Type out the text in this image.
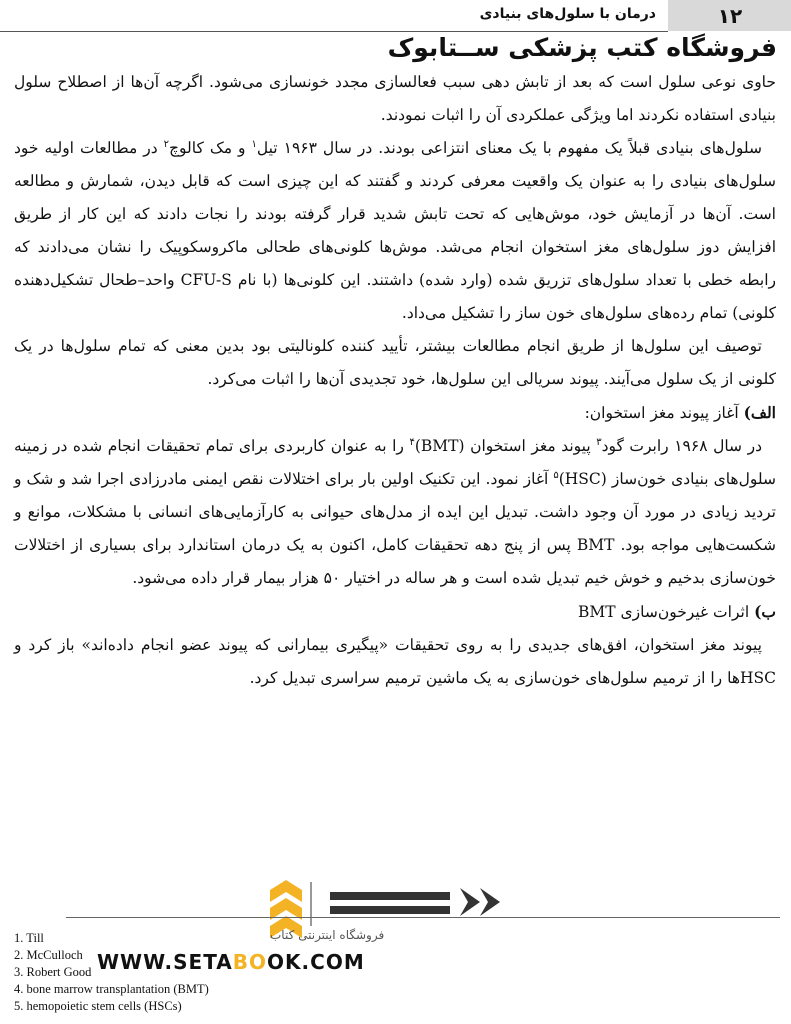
۱۲
درمان با سلول‌های بنیادی
فروشگاه کتب پزشکی ســتابوک

حاوی نوعی سلول است که بعد از تابش دهی سبب فعالسازی مجدد خونسازی می‌شود. اگرچه آن‌ها از اصطلاح سلول بنیادی استفاده نکردند اما ویژگی عملکردی آن را اثبات نمودند.

سلول‌های بنیادی قبلاً یک مفهوم با یک معنای انتزاعی بودند. در سال ۱۹۶۳ تیل$^۱$ و مک کالوچ$^۲$ در مطالعات اولیه خود سلول‌های بنیادی را به عنوان یک واقعیت معرفی کردند و گفتند که این چیزی است که قابل دیدن، شمارش و مطالعه است. آن‌ها در آزمایش خود، موش‌هایی که تحت تابش شدید قرار گرفته بودند را نجات دادند که این کار از طریق افزایش دوز سلول‌های مغز استخوان انجام می‌شد. موش‌ها کلونی‌های طحالی ماکروسکوپیک را نشان می‌دادند که رابطه خطی با تعداد سلول‌های تزریق شده (وارد شده) داشتند. این کلونی‌ها (با نام CFU-S واحد–طحال تشکیل‌دهنده کلونی) تمام رده‌های سلول‌های خون ساز را تشکیل می‌داد.

توصیف این سلول‌ها از طریق انجام مطالعات بیشتر، تأیید کننده کلونالیتی بود بدین معنی که تمام سلول‌ها در یک کلونی از یک سلول می‌آیند. پیوند سریالی این سلول‌ها، خود تجدیدی آن‌ها را اثبات می‌کرد.

الف) آغاز پیوند مغز استخوان:

در سال ۱۹۶۸ رابرت گود$^۳$ پیوند مغز استخوان (BMT)$^۴$ را به عنوان کاربردی برای تمام تحقیقات انجام شده در زمینه سلول‌های بنیادی خون‌ساز (HSC)$^۵$ آغاز نمود. این تکنیک اولین بار برای اختلالات نقص ایمنی مادرزادی اجرا شد و شک و تردید زیادی در مورد آن وجود داشت. تبدیل این ایده از مدل‌های حیوانی به کارآزمایی‌های انسانی با مشکلات، موانع و شکست‌هایی مواجه بود. BMT پس از پنج دهه تحقیقات کامل، اکنون به یک درمان استاندارد برای بسیاری از اختلالات خون‌سازی بدخیم و خوش خیم تبدیل شده است و هر ساله در اختیار ۵۰ هزار بیمار قرار داده می‌شود.

ب) اثرات غیرخون‌سازی BMT

پیوند مغز استخوان، افق‌های جدیدی را به روی تحقیقات «پیگیری بیمارانی که پیوند عضو انجام داده‌اند» باز کرد و HSCها را از ترمیم سلول‌های خون‌سازی به یک ماشین ترمیم سراسری تبدیل کرد.

فروشگاه اینترنتی کتاب
WWW.SETABOOK.COM
1. Till
2. McCulloch
3. Robert Good
4. bone marrow transplantation (BMT)
5. hemopoietic stem cells (HSCs)
